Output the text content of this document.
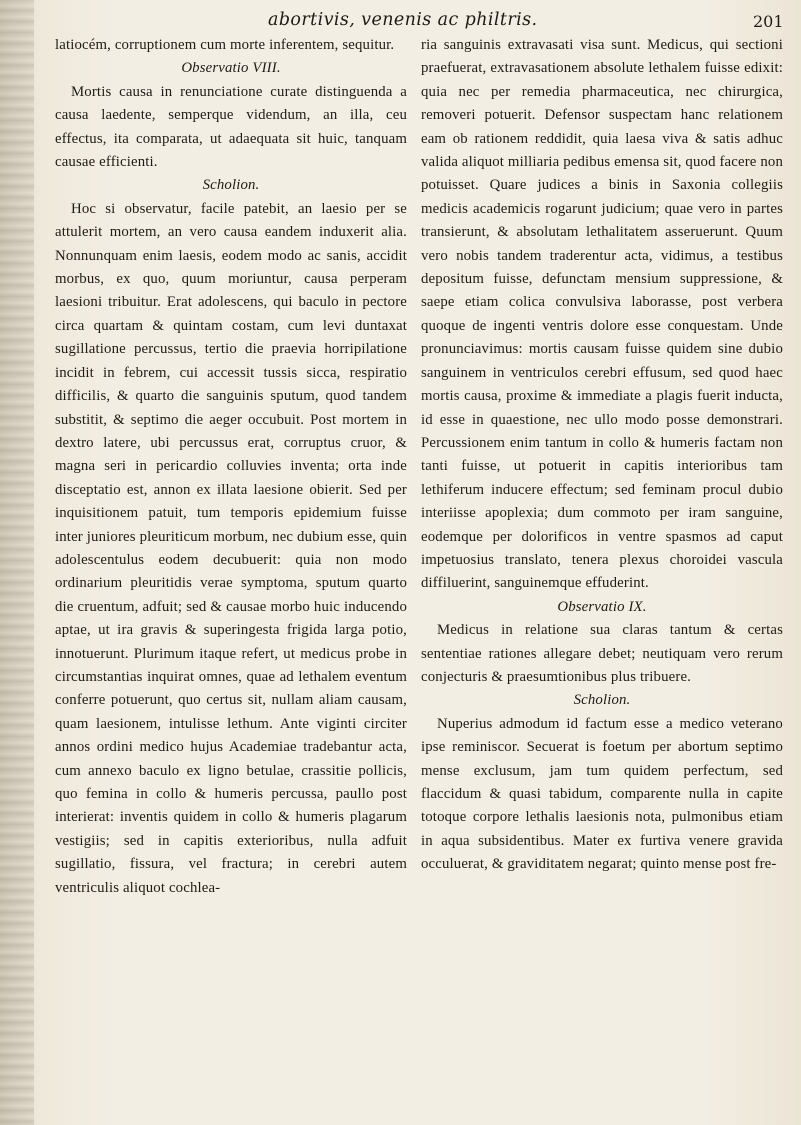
abortivis, venenis ac philtris.	201

latiocém, corruptionem cum morte inferentem, sequitur.

Observatio VIII.

Mortis causa in renunciatione curate distinguenda a causa laedente, semperque videndum, an illa, ceu effectus, ita comparata, ut adaequata sit huic, tanquam causae efficienti.

Scholion.

Hoc si observatur, facile patebit, an laesio per se attulerit mortem, an vero causa eandem induxerit alia. Nonnunquam enim laesis, eodem modo ac sanis, accidit morbus, ex quo, quum moriuntur, causa perperam laesioni tribuitur. Erat adolescens, qui baculo in pectore circa quartam & quintam costam, cum levi duntaxat sugillatione percussus, tertio die praevia horripilatione incidit in febrem, cui accessit tussis sicca, respiratio difficilis, & quarto die sanguinis sputum, quod tandem substitit, & septimo die aeger occubuit. Post mortem in dextro latere, ubi percussus erat, corruptus cruor, & magna seri in pericardio colluvies inventa; orta inde disceptatio est, annon ex illata laesione obierit. Sed per inquisitionem patuit, tum temporis epidemium fuisse inter juniores pleuriticum morbum, nec dubium esse, quin adolescentulus eodem decubuerit: quia non modo ordinarium pleuritidis verae symptoma, sputum quarto die cruentum, adfuit; sed & causae morbo huic inducendo aptae, ut ira gravis & superingesta frigida larga potio, innotuerunt. Plurimum itaque refert, ut medicus probe in circumstantias inquirat omnes, quae ad lethalem eventum conferre potuerunt, quo certus sit, nullam aliam causam, quam laesionem, intulisse lethum. Ante viginti circiter annos ordini medico hujus Academiae tradebantur acta, cum annexo baculo ex ligno betulae, crassitie pollicis, quo femina in collo & humeris percussa, paullo post interierat: inventis quidem in collo & humeris plagarum vestigiis; sed in capitis exterioribus, nulla adfuit sugillatio, fissura, vel fractura; in cerebri autem ventriculis aliquot cochlea-

ria sanguinis extravasati visa sunt. Medicus, qui sectioni praefuerat, extravasationem absolute lethalem fuisse edixit: quia nec per remedia pharmaceutica, nec chirurgica, removeri potuerit. Defensor suspectam hanc relationem eam ob rationem reddidit, quia laesa viva & satis adhuc valida aliquot milliaria pedibus emensa sit, quod facere non potuisset. Quare judices a binis in Saxonia collegiis medicis academicis rogarunt judicium; quae vero in partes transierunt, & absolutam lethalitatem asseruerunt. Quum vero nobis tandem traderentur acta, vidimus, a testibus depositum fuisse, defunctam mensium suppressione, & saepe etiam colica convulsiva laborasse, post verbera quoque de ingenti ventris dolore esse conquestam. Unde pronunciavimus: mortis causam fuisse quidem sine dubio sanguinem in ventriculos cerebri effusum, sed quod haec mortis causa, proxime & immediate a plagis fuerit inducta, id esse in quaestione, nec ullo modo posse demonstrari. Percussionem enim tantum in collo & humeris factam non tanti fuisse, ut potuerit in capitis interioribus tam lethiferum inducere effectum; sed feminam procul dubio interiisse apoplexia; dum commoto per iram sanguine, eodemque per dolorificos in ventre spasmos ad caput impetuosius translato, tenera plexus choroidei vascula diffiluerint, sanguinemque effuderint.

Observatio IX.

Medicus in relatione sua claras tantum & certas sententiae rationes allegare debet; neutiquam vero rerum conjecturis & praesumtionibus plus tribuere.

Scholion.

Nuperius admodum id factum esse a medico veterano ipse reminiscor. Secuerat is foetum per abortum septimo mense exclusum, jam tum quidem perfectum, sed flaccidum & quasi tabidum, comparente nulla in capite totoque corpore lethalis laesionis nota, pulmonibus etiam in aqua subsidentibus. Mater ex furtiva venere gravida occuluerat, & graviditatem negarat; quinto mense post fre-
